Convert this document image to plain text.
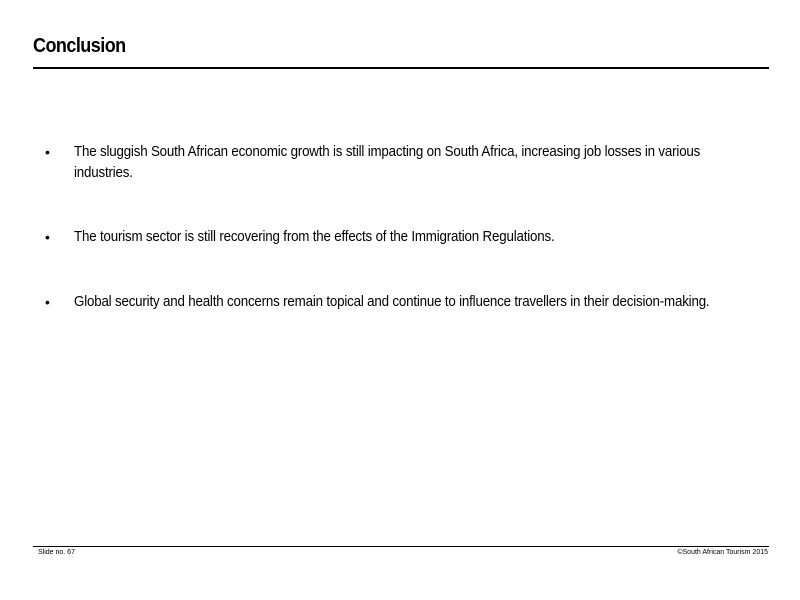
Conclusion
• The sluggish South African economic growth is still impacting on South Africa, increasing job losses in various industries.
• The tourism sector is still recovering from the effects of the Immigration Regulations.
• Global security and health concerns remain topical and continue to influence travellers in their decision-making.
Slide no. 67	©South African Tourism 2015
